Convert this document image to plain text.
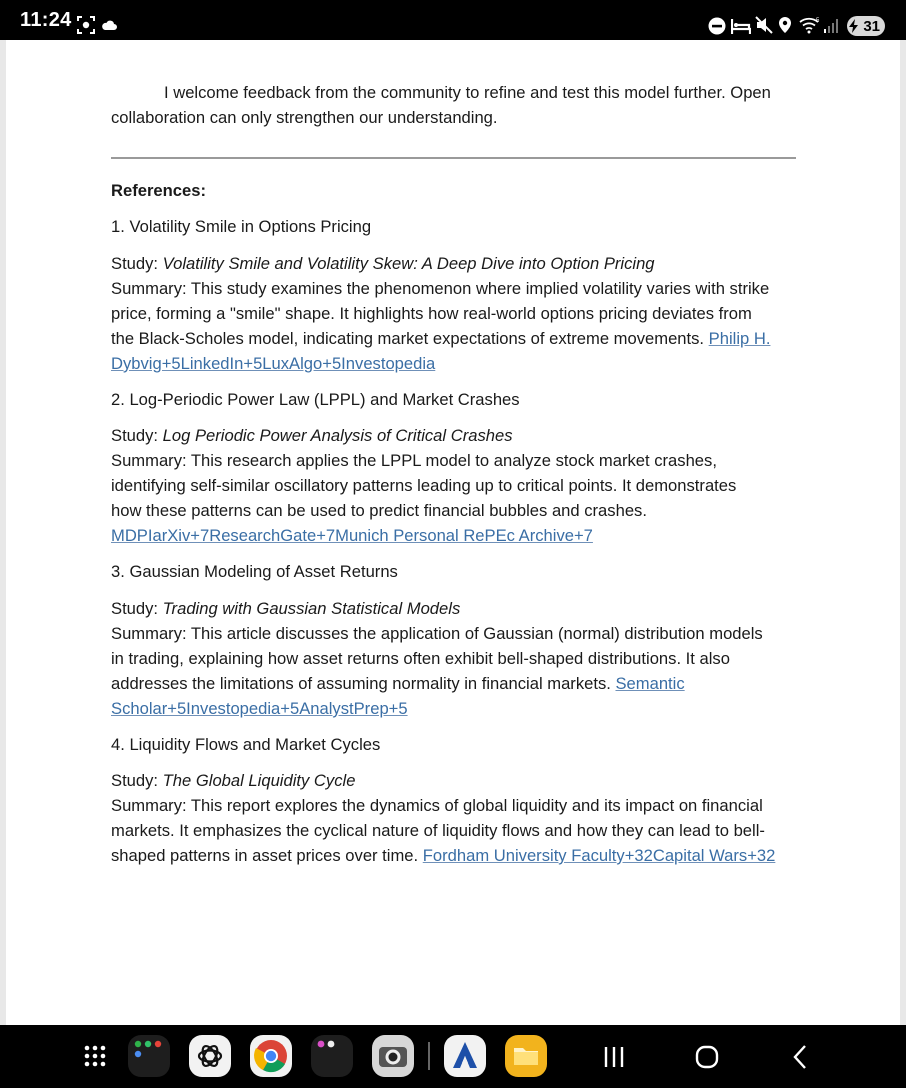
11:24	5	31
I welcome feedback from the community to refine and test this model further. Open
collaboration can only strengthen our understanding.
References:
1. Volatility Smile in Options Pricing
Study: Volatility Smile and Volatility Skew: A Deep Dive into Option Pricing
Summary: This study examines the phenomenon where implied volatility varies with strike
price, forming a "smile" shape. It highlights how real-world options pricing deviates from
the Black-Scholes model, indicating market expectations of extreme movements. Philip H.
Dybvig+5LinkedIn+5LuxAlgo+5Investopedia
2. Log-Periodic Power Law (LPPL) and Market Crashes
Study: Log Periodic Power Analysis of Critical Crashes
Summary: This research applies the LPPL model to analyze stock market crashes,
identifying self-similar oscillatory patterns leading up to critical points. It demonstrates
how these patterns can be used to predict financial bubbles and crashes.
MDPIarXiv+7ResearchGate+7Munich Personal RePEc Archive+7
3. Gaussian Modeling of Asset Returns
Study: Trading with Gaussian Statistical Models
Summary: This article discusses the application of Gaussian (normal) distribution models
in trading, explaining how asset returns often exhibit bell-shaped distributions. It also
addresses the limitations of assuming normality in financial markets. Semantic
Scholar+5Investopedia+5AnalystPrep+5
4. Liquidity Flows and Market Cycles
Study: The Global Liquidity Cycle
Summary: This report explores the dynamics of global liquidity and its impact on financial
markets. It emphasizes the cyclical nature of liquidity flows and how they can lead to bell-
shaped patterns in asset prices over time. Fordham University Faculty+32Capital Wars+32
